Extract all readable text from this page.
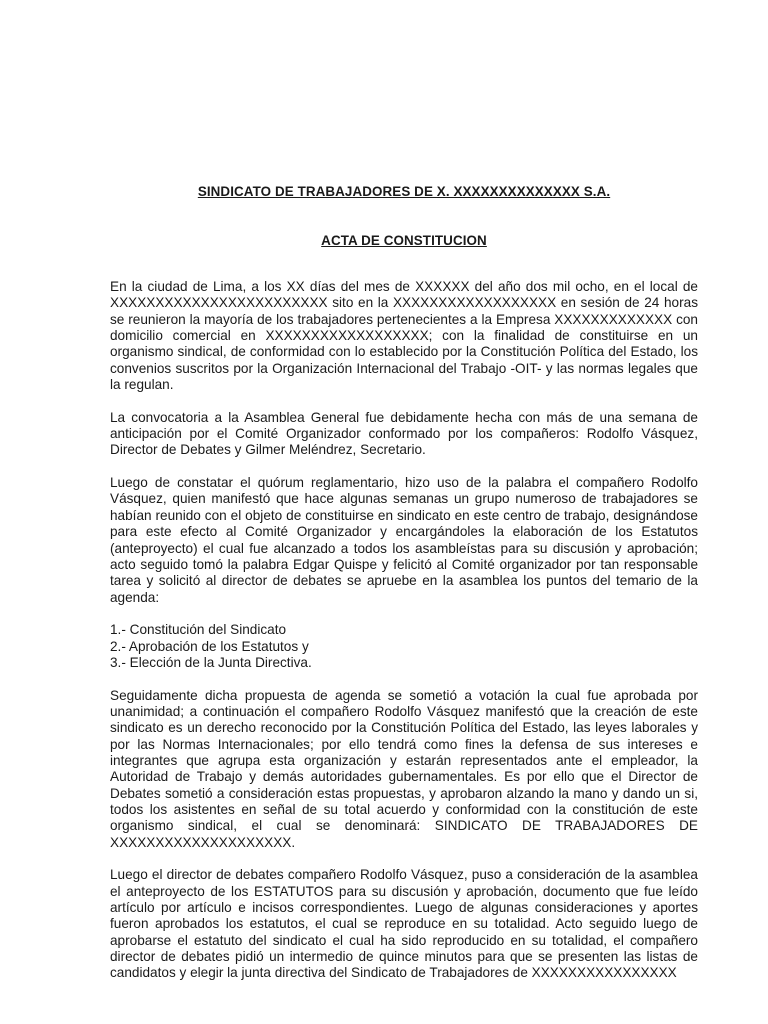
SINDICATO DE TRABAJADORES DE X. XXXXXXXXXXXXXX S.A.
ACTA DE CONSTITUCION

En la ciudad de Lima, a los XX días del mes de XXXXXX del año dos mil ocho, en el local de XXXXXXXXXXXXXXXXXXXXXXXX sito en la XXXXXXXXXXXXXXXXXX en sesión de 24 horas se reunieron la mayoría de los trabajadores pertenecientes a la Empresa XXXXXXXXXXXXX con domicilio comercial en XXXXXXXXXXXXXXXXXX; con la finalidad de constituirse en un organismo sindical, de conformidad con lo establecido por la Constitución Política del Estado, los convenios suscritos por la Organización Internacional del Trabajo -OIT- y las normas legales que la regulan.

La convocatoria a la Asamblea General fue debidamente hecha con más de una semana de anticipación por el Comité Organizador conformado por los compañeros: Rodolfo Vásquez, Director de Debates y Gilmer Meléndrez, Secretario.

Luego de constatar el quórum reglamentario, hizo uso de la palabra el compañero Rodolfo Vásquez, quien manifestó que hace algunas semanas un grupo numeroso de trabajadores se habían reunido con el objeto de constituirse en sindicato en este centro de trabajo, designándose para este efecto al Comité Organizador y encargándoles la elaboración de los Estatutos (anteproyecto) el cual fue alcanzado a todos los asambleístas para su discusión y aprobación; acto seguido tomó la palabra Edgar Quispe y felicitó al Comité organizador por tan responsable tarea y solicitó al director de debates se apruebe en la asamblea los puntos del temario de la agenda:

1.- Constitución del Sindicato
2.- Aprobación de los Estatutos y
3.- Elección de la Junta Directiva.

Seguidamente dicha propuesta de agenda se sometió a votación la cual fue aprobada por unanimidad; a continuación el compañero Rodolfo Vásquez manifestó que la creación de este sindicato es un derecho reconocido por la Constitución Política del Estado, las leyes laborales y por las Normas Internacionales; por ello tendrá como fines la defensa de sus intereses e integrantes que agrupa esta organización y estarán representados ante el empleador, la Autoridad de Trabajo y demás autoridades gubernamentales. Es por ello que el Director de Debates sometió a consideración estas propuestas, y aprobaron alzando la mano y dando un si, todos los asistentes en señal de su total acuerdo y conformidad con la constitución de este organismo sindical, el cual se denominará: SINDICATO DE TRABAJADORES DE XXXXXXXXXXXXXXXXXXXX.

Luego el director de debates compañero Rodolfo Vásquez, puso a consideración de la asamblea el anteproyecto de los ESTATUTOS para su discusión y aprobación, documento que fue leído artículo por artículo e incisos correspondientes. Luego de algunas consideraciones y aportes fueron aprobados los estatutos, el cual se reproduce en su totalidad. Acto seguido luego de aprobarse el estatuto del sindicato el cual ha sido reproducido en su totalidad, el compañero director de debates pidió un intermedio de quince minutos para que se presenten las listas de candidatos y elegir la junta directiva del Sindicato de Trabajadores de XXXXXXXXXXXXXXXX
